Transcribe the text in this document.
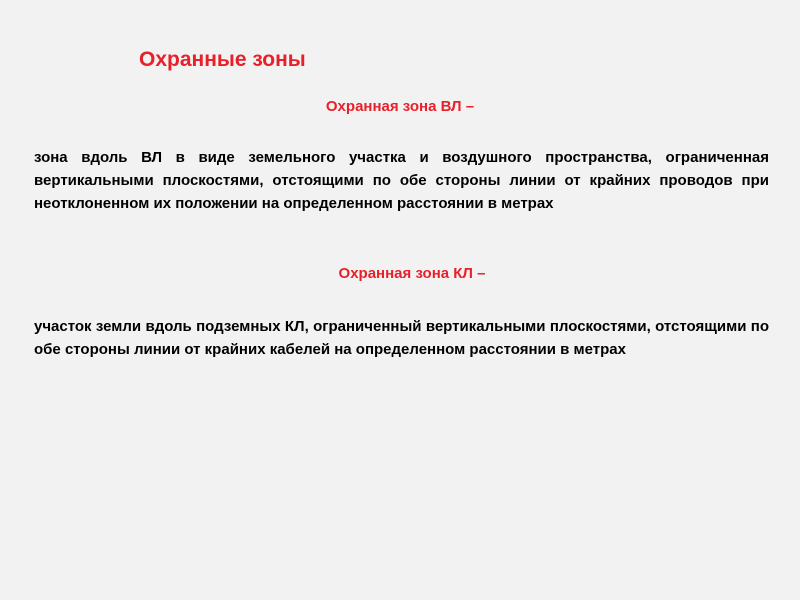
Охранные зоны
Охранная зона ВЛ –
зона вдоль ВЛ в виде земельного участка и воздушного пространства, ограниченная вертикальными плоскостями, отстоящими по обе стороны линии от крайних проводов при неотклоненном их положении на определенном расстоянии в метрах
Охранная зона КЛ –
участок земли вдоль подземных КЛ, ограниченный вертикальными плоскостями, отстоящими по обе стороны линии от крайних кабелей на определенном расстоянии в метрах
